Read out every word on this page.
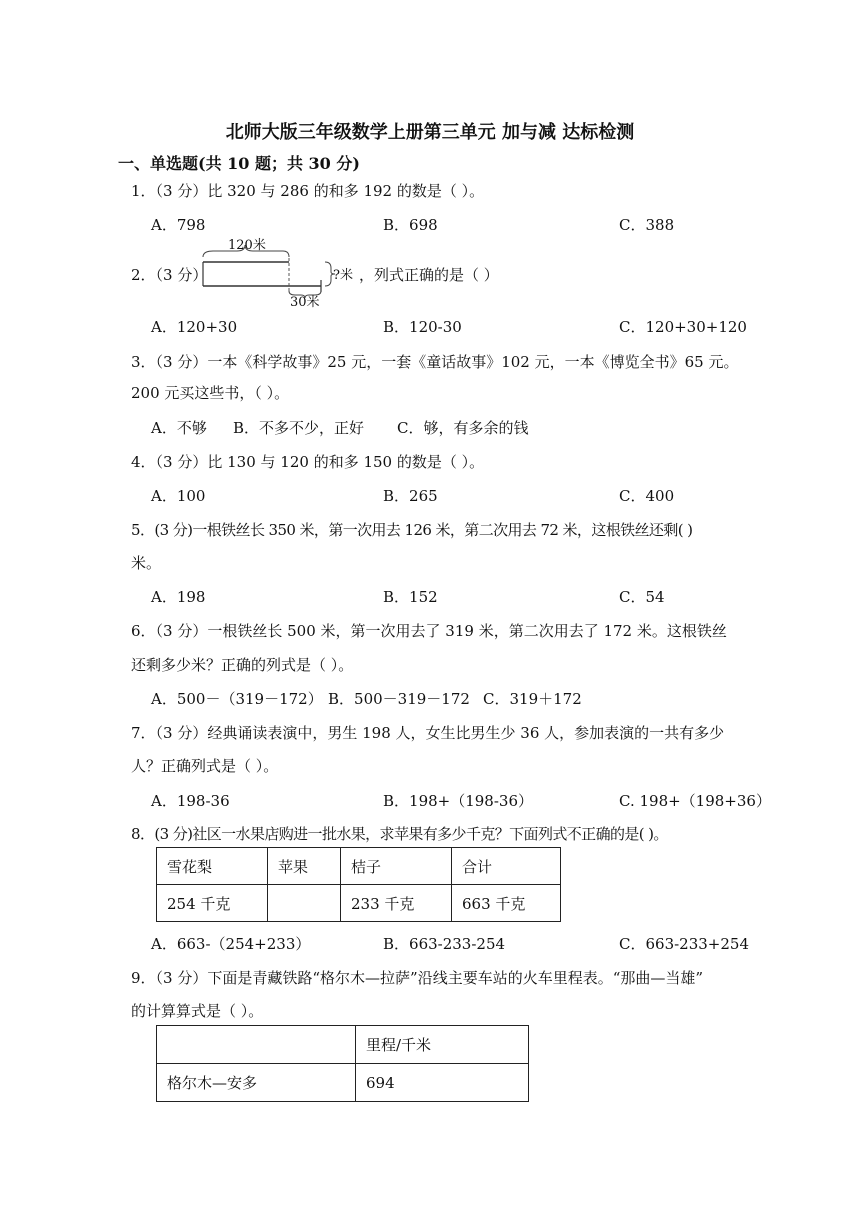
北师大版三年级数学上册第三单元 加与减 达标检测
一、单选题(共 10 题；共 30 分)
1．（3 分）比 320 与 286 的和多 192 的数是（ ）。
A．798	B．698	C．388
2．（3 分）
120米
?米
30米
，列式正确的是（ ）
A．120+30	B．120-30	C．120+30+120
3．（3 分）一本《科学故事》25 元，一套《童话故事》102 元，一本《博览全书》65 元。
200 元买这些书，（ ）。
A．不够 B．不多不少，正好 C．够，有多余的钱
4．（3 分）比 130 与 120 的和多 150 的数是（ ）。
A．100	B．265	C．400
5．(3 分)一根铁丝长 350 米，第一次用去 126 米，第二次用去 72 米，这根铁丝还剩( )
米。
A．198	B．152	C．54
6．（3 分）一根铁丝长 500 米，第一次用去了 319 米，第二次用去了 172 米。这根铁丝
还剩多少米？正确的列式是（ ）。
A．500－（319－172） B．500－319－172 C．319＋172
7．（3 分）经典诵读表演中，男生 198 人，女生比男生少 36 人，参加表演的一共有多少
人？正确列式是（ ）。
A．198-36	B．198+（198-36）	C. 198+（198+36）
8．(3 分)社区一水果店购进一批水果，求苹果有多少千克？下面列式不正确的是( )。
雪花梨	苹果	桔子	合计
254 千克		233 千克	663 千克
A．663-（254+233）	B．663-233-254	C．663-233+254
9．（3 分）下面是青藏铁路“格尔木—拉萨”沿线主要车站的火车里程表。“那曲—当雄”
的计算算式是（ ）。
	里程/千米
格尔木—安多	694
